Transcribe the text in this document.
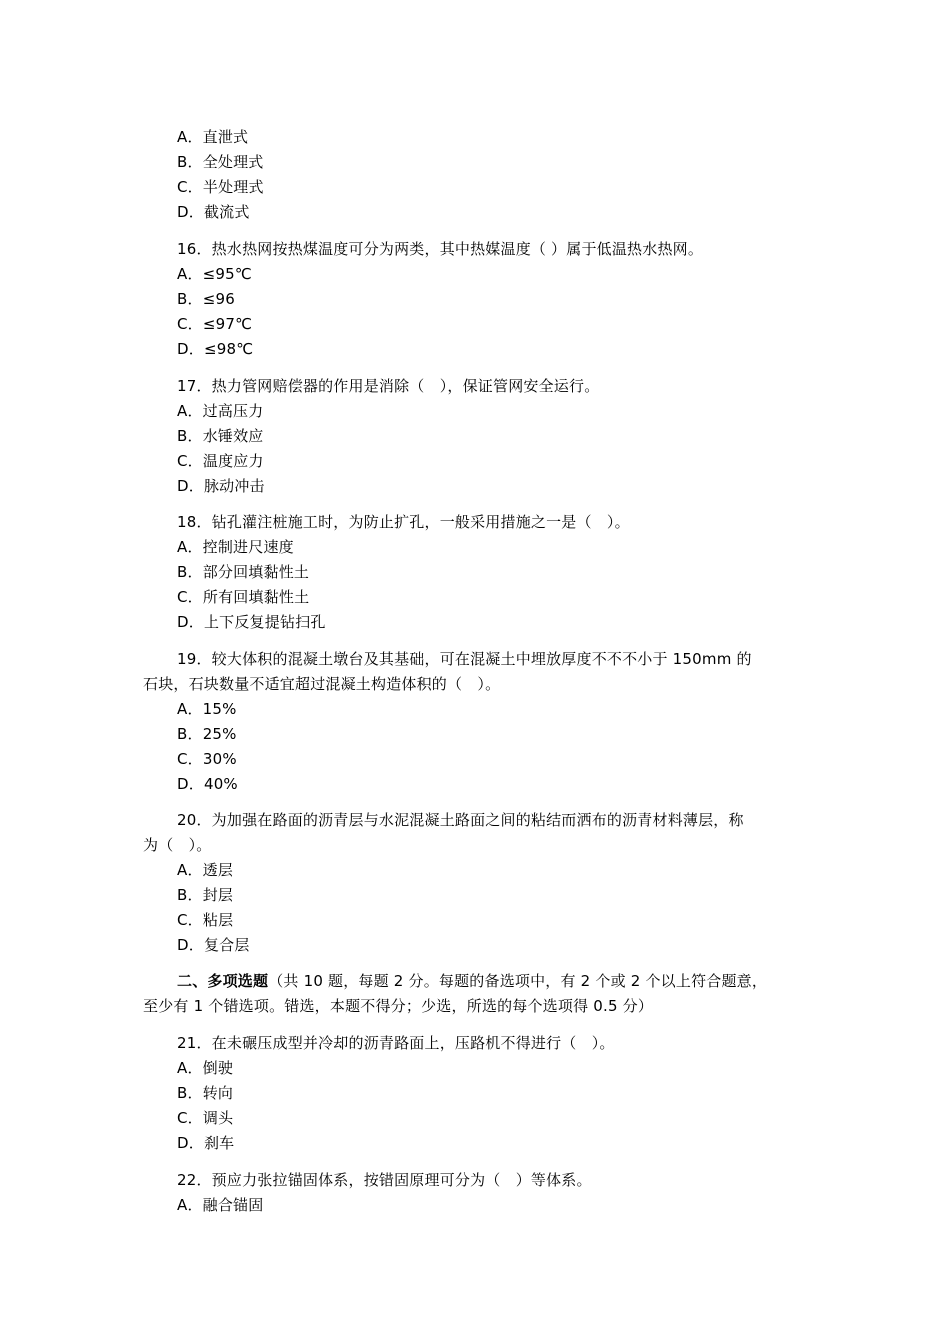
A．直泄式
B．全处理式
C．半处理式
D．截流式
16．热水热网按热煤温度可分为两类，其中热媒温度（ ）属于低温热水热网。
A．≤95℃
B．≤96
C．≤97℃
D．≤98℃
17．热力管网赔偿器的作用是消除（　），保证管网安全运行。
A．过高压力
B．水锤效应
C．温度应力
D．脉动冲击
18．钻孔灌注桩施工时，为防止扩孔，一般采用措施之一是（　）。
A．控制进尺速度
B．部分回填黏性土
C．所有回填黏性土
D．上下反复提钻扫孔
19．较大体积的混凝土墩台及其基础，可在混凝土中埋放厚度不不不小于 150mm 的
石块，石块数量不适宜超过混凝土构造体积的（　）。
A．15%
B．25%
C．30%
D．40%
20．为加强在路面的沥青层与水泥混凝土路面之间的粘结而洒布的沥青材料薄层，称
为（　）。
A．透层
B．封层
C．粘层
D．复合层
二、多项选题（共 10 题，每题 2 分。每题的备选项中，有 2 个或 2 个以上符合题意，
至少有 1 个错选项。错选，本题不得分；少选，所选的每个选项得 0.5 分）
21．在未碾压成型并冷却的沥青路面上，压路机不得进行（　）。
A．倒驶
B．转向
C．调头
D．刹车
22．预应力张拉锚固体系，按错固原理可分为（　）等体系。
A．融合锚固
